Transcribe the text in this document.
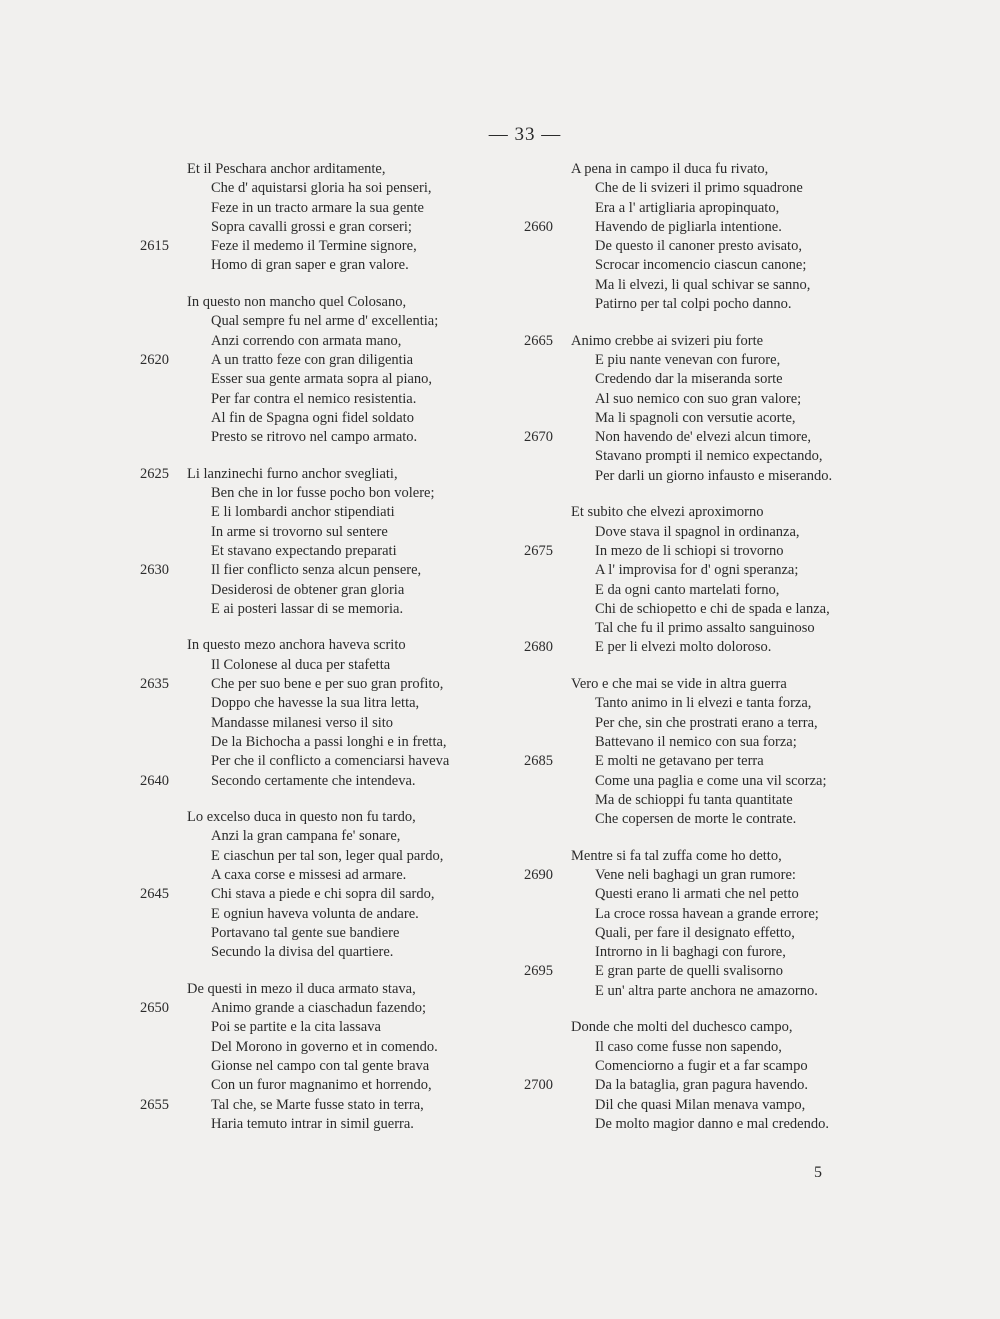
— 33 —
Et il Peschara anchor arditamente,
Che d' aquistarsi gloria ha soi penseri,
Feze in un tracto armare la sua gente
Sopra cavalli grossi e gran corseri;
2615	Feze il medemo il Termine signore,
Homo di gran saper e gran valore.
In questo non mancho quel Colosano,
Qual sempre fu nel arme d' excellentia;
Anzi correndo con armata mano,
2620	A un tratto feze con gran diligentia
Esser sua gente armata sopra al piano,
Per far contra el nemico resistentia.
Al fin de Spagna ogni fidel soldato
Presto se ritrovo nel campo armato.
2625	Li lanzinechi furno anchor svegliati,
Ben che in lor fusse pocho bon volere;
E li lombardi anchor stipendiati
In arme si trovorno sul sentere
Et stavano expectando preparati
2630	Il fier conflicto senza alcun pensere,
Desiderosi de obtener gran gloria
E ai posteri lassar di se memoria.
In questo mezo anchora haveva scrito
Il Colonese al duca per stafetta
2635	Che per suo bene e per suo gran profito,
Doppo che havesse la sua litra letta,
Mandasse milanesi verso il sito
De la Bichocha a passi longhi e in fretta,
Per che il conflicto a comenciarsi haveva
2640	Secondo certamente che intendeva.
Lo excelso duca in questo non fu tardo,
Anzi la gran campana fe' sonare,
E ciaschun per tal son, leger qual pardo,
A caxa corse e missesi ad armare.
2645	Chi stava a piede e chi sopra dil sardo,
E ogniun haveva volunta de andare.
Portavano tal gente sue bandiere
Secundo la divisa del quartiere.
De questi in mezo il duca armato stava,
2650	Animo grande a ciaschadun fazendo;
Poi se partite e la cita lassava
Del Morono in governo et in comendo.
Gionse nel campo con tal gente brava
Con un furor magnanimo et horrendo,
2655	Tal che, se Marte fusse stato in terra,
Haria temuto intrar in simil guerra.
A pena in campo il duca fu rivato,
Che de li svizeri il primo squadrone
Era a l' artigliaria apropinquato,
2660	Havendo de pigliarla intentione.
De questo il canoner presto avisato,
Scrocar incomencio ciascun canone;
Ma li elvezi, li qual schivar se sanno,
Patirno per tal colpi pocho danno.
2665	Animo crebbe ai svizeri piu forte
E piu nante venevan con furore,
Credendo dar la miseranda sorte
Al suo nemico con suo gran valore;
Ma li spagnoli con versutie acorte,
2670	Non havendo de' elvezi alcun timore,
Stavano prompti il nemico expectando,
Per darli un giorno infausto e miserando.
Et subito che elvezi aproximorno
Dove stava il spagnol in ordinanza,
2675	In mezo de li schiopi si trovorno
A l' improvisa for d' ogni speranza;
E da ogni canto martelati forno,
Chi de schiopetto e chi de spada e lanza,
Tal che fu il primo assalto sanguinoso
2680	E per li elvezi molto doloroso.
Vero e che mai se vide in altra guerra
Tanto animo in li elvezi e tanta forza,
Per che, sin che prostrati erano a terra,
Battevano il nemico con sua forza;
2685	E molti ne getavano per terra
Come una paglia e come una vil scorza;
Ma de schioppi fu tanta quantitate
Che copersen de morte le contrate.
Mentre si fa tal zuffa come ho detto,
2690	Vene neli baghagi un gran rumore:
Questi erano li armati che nel petto
La croce rossa havean a grande errore;
Quali, per fare il designato effetto,
Introrno in li baghagi con furore,
2695	E gran parte de quelli svalisorno
E un' altra parte anchora ne amazorno.
Donde che molti del duchesco campo,
Il caso come fusse non sapendo,
Comenciorno a fugir et a far scampo
2700	Da la bataglia, gran pagura havendo.
Dil che quasi Milan menava vampo,
De molto magior danno e mal credendo.
5
